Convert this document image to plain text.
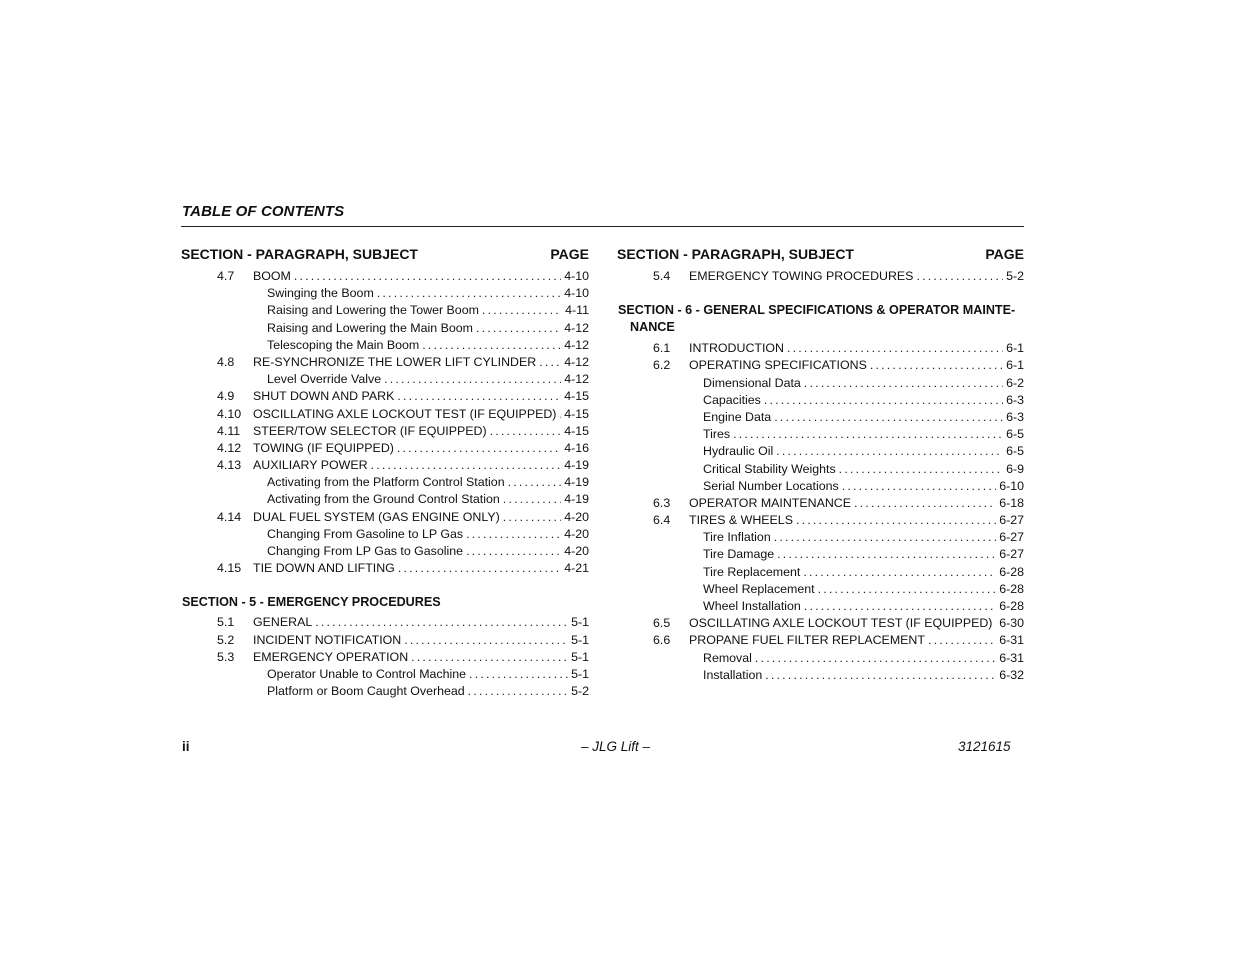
TABLE OF CONTENTS
SECTION - PARAGRAPH, SUBJECT	PAGE
4.7	BOOM .....	4-10
Swinging the Boom .....	4-10
Raising and Lowering the Tower Boom .....	4-11
Raising and Lowering the Main Boom .....	4-12
Telescoping the Main Boom .....	4-12
4.8	RE-SYNCHRONIZE THE LOWER LIFT CYLINDER ..... 4-12
Level Override Valve .....	4-12
4.9	SHUT DOWN AND PARK .....	4-15
4.10 OSCILLATING AXLE LOCKOUT TEST (IF EQUIPPED) ..... 4-15
4.11	STEER/TOW SELECTOR (IF EQUIPPED) .....	4-15
4.12 TOWING (IF EQUIPPED) .....	4-16
4.13 AUXILIARY POWER .....	4-19
Activating from the Platform Control Station .....	4-19
Activating from the Ground Control Station .....	4-19
4.14 DUAL FUEL SYSTEM (GAS ENGINE ONLY) .....	4-20
Changing From Gasoline to LP Gas .....	4-20
Changing From LP Gas to Gasoline .....	4-20
4.15 TIE DOWN AND LIFTING .....	4-21
SECTION - 5 - EMERGENCY PROCEDURES
5.1	GENERAL .....	5-1
5.2	INCIDENT NOTIFICATION .....	5-1
5.3	EMERGENCY OPERATION .....	5-1
Operator Unable to Control Machine .....	5-1
Platform or Boom Caught Overhead .....	5-2
SECTION - PARAGRAPH, SUBJECT	PAGE
5.4	EMERGENCY TOWING PROCEDURES .....	5-2
SECTION - 6 - GENERAL SPECIFICATIONS & OPERATOR MAINTE-
NANCE
6.1	INTRODUCTION .....	6-1
6.2	OPERATING SPECIFICATIONS .....	6-1
Dimensional Data .....	6-2
Capacities .....	6-3
Engine Data .....	6-3
Tires .....	6-5
Hydraulic Oil .....	6-5
Critical Stability Weights .....	6-9
Serial Number Locations .....	6-10
6.3	OPERATOR MAINTENANCE .....	6-18
6.4	TIRES & WHEELS .....	6-27
Tire Inflation .....	6-27
Tire Damage .....	6-27
Tire Replacement .....	6-28
Wheel Replacement .....	6-28
Wheel Installation .....	6-28
6.5	OSCILLATING AXLE LOCKOUT TEST (IF EQUIPPED) ..... 6-30
6.6	PROPANE FUEL FILTER REPLACEMENT .....	6-31
Removal .....	6-31
Installation .....	6-32
ii	– JLG Lift –	3121615
